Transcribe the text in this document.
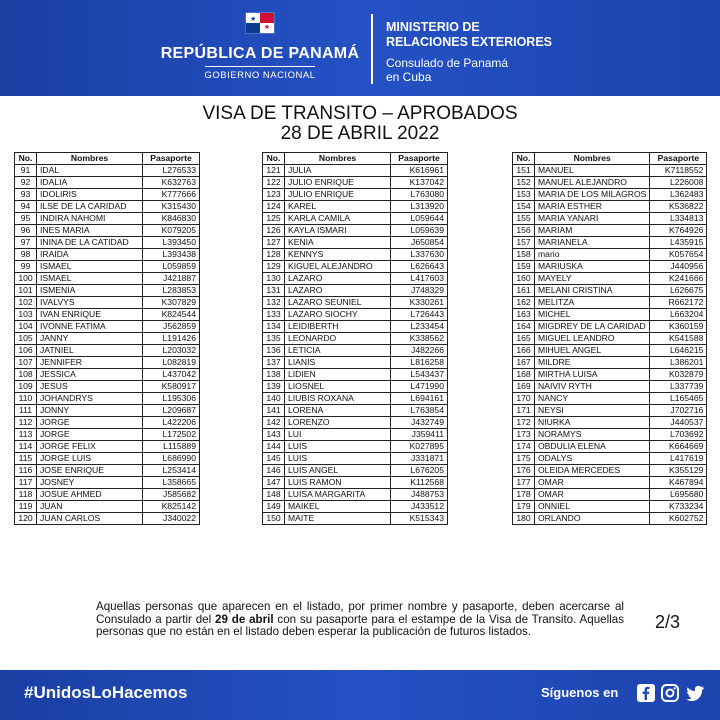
★
★
REPÚBLICA DE PANAMÁ
GOBIERNO NACIONAL
MINISTERIO DE
RELACIONES EXTERIORES
Consulado de Panamá
en Cuba
VISA DE TRANSITO – APROBADOS
28 DE ABRIL 2022
No.	Nombres	Pasaporte
91	IDAL	L276533
92	IDALIA	K632763
93	IDOLIRIS	K777666
94	ILSE DE LA CARIDAD	K315430
95	INDIRA NAHOMI	K846830
96	INES MARIA	K079205
97	ININA DE LA CATIDAD	L393450
98	IRAIDA	L393438
99	ISMAEL	L059859
100	ISMAEL	J421887
101	ISMENIA	L283853
102	IVALVYS	K307829
103	IVAN ENRIQUE	K824544
104	IVONNE FATIMA	J562859
105	JANNY	L191426
106	JATNIEL	L203032
107	JENNIFER	L082819
108	JESSICA	L437042
109	JESUS	K580917
110	JOHANDRYS	L195306
111	JONNY	L209687
112	JORGE	L422206
113	JORGE	L172502
114	JORGE FELIX	L115889
115	JORGE LUIS	L686990
116	JOSE ENRIQUE	L253414
117	JOSNEY	L358665
118	JOSUE AHMED	J585682
119	JUAN	K825142
120	JUAN CARLOS	J340022
No.	Nombres	Pasaporte
121	JULIA	K616961
122	JULIO ENRIQUE	K137042
123	JULIO ENRIQUE	L763080
124	KAREL	L313920
125	KARLA CAMILA	L059644
126	KAYLA ISMARI	L059639
127	KENIA	J650854
128	KENNYS	L337630
129	KIGUEL ALEJANDRO	L626643
130	LAZARO	L417603
131	LAZARO	J748329
132	LAZARO SEUNIEL	K330261
133	LAZARO SIOCHY	L726443
134	LEIDIBERTH	L233454
135	LEONARDO	K338562
136	LETICIA	J482266
137	LIANIS	L816258
138	LIDIEN	L543437
139	LIOSNEL	L471990
140	LIUBIS ROXANA	L694161
141	LORENA	L763854
142	LORENZO	J432749
143	LUI	J359411
144	LUIS	K027895
145	LUIS	J331871
146	LUIS ANGEL	L676205
147	LUIS RAMON	K112568
148	LUISA MARGARITA	J488753
149	MAIKEL	J433512
150	MAITE	K515343
No.	Nombres	Pasaporte
151	MANUEL	K7118552
152	MANUEL ALEJANDRO	L226008
153	MARIA DE LOS MILAGROS	L362483
154	MARIA ESTHER	K536822
155	MARIA YANARI	L334813
156	MARIAM	K764926
157	MARIANELA	L435915
158	mario	K057654
159	MARIUSKA	J440956
160	MAYELY	K241666
161	MELANI CRISTINA	L626675
162	MELITZA	R662172
163	MICHEL	L663204
164	MIGDREY DE LA CARIDAD	K360159
165	MIGUEL LEANDRO	K541588
166	MIHUEL ANGEL	L646215
167	MILDRE	L386201
168	MIRTHA LUISA	K032879
169	NAIVIV RYTH	L337739
170	NANCY	L165465
171	NEYSI	J702716
172	NIURKA	J440537
173	NORAMYS	L703692
174	OBDULIA ELENA	K664669
175	ODALYS	L417619
176	OLEIDA MERCEDES	K355129
177	OMAR	K467894
178	OMAR	L695680
179	ONNIEL	K733234
180	ORLANDO	K602752
Aquellas personas que aparecen en el listado, por primer nombre y pasaporte, deben acercarse al Consulado a partir del 29 de abril con su pasaporte para el estampe de la Visa de Transito. Aquellas personas que no están en el listado deben esperar la publicación de futuros listados.	2/3
#UnidosLoHacemos	Síguenos en
